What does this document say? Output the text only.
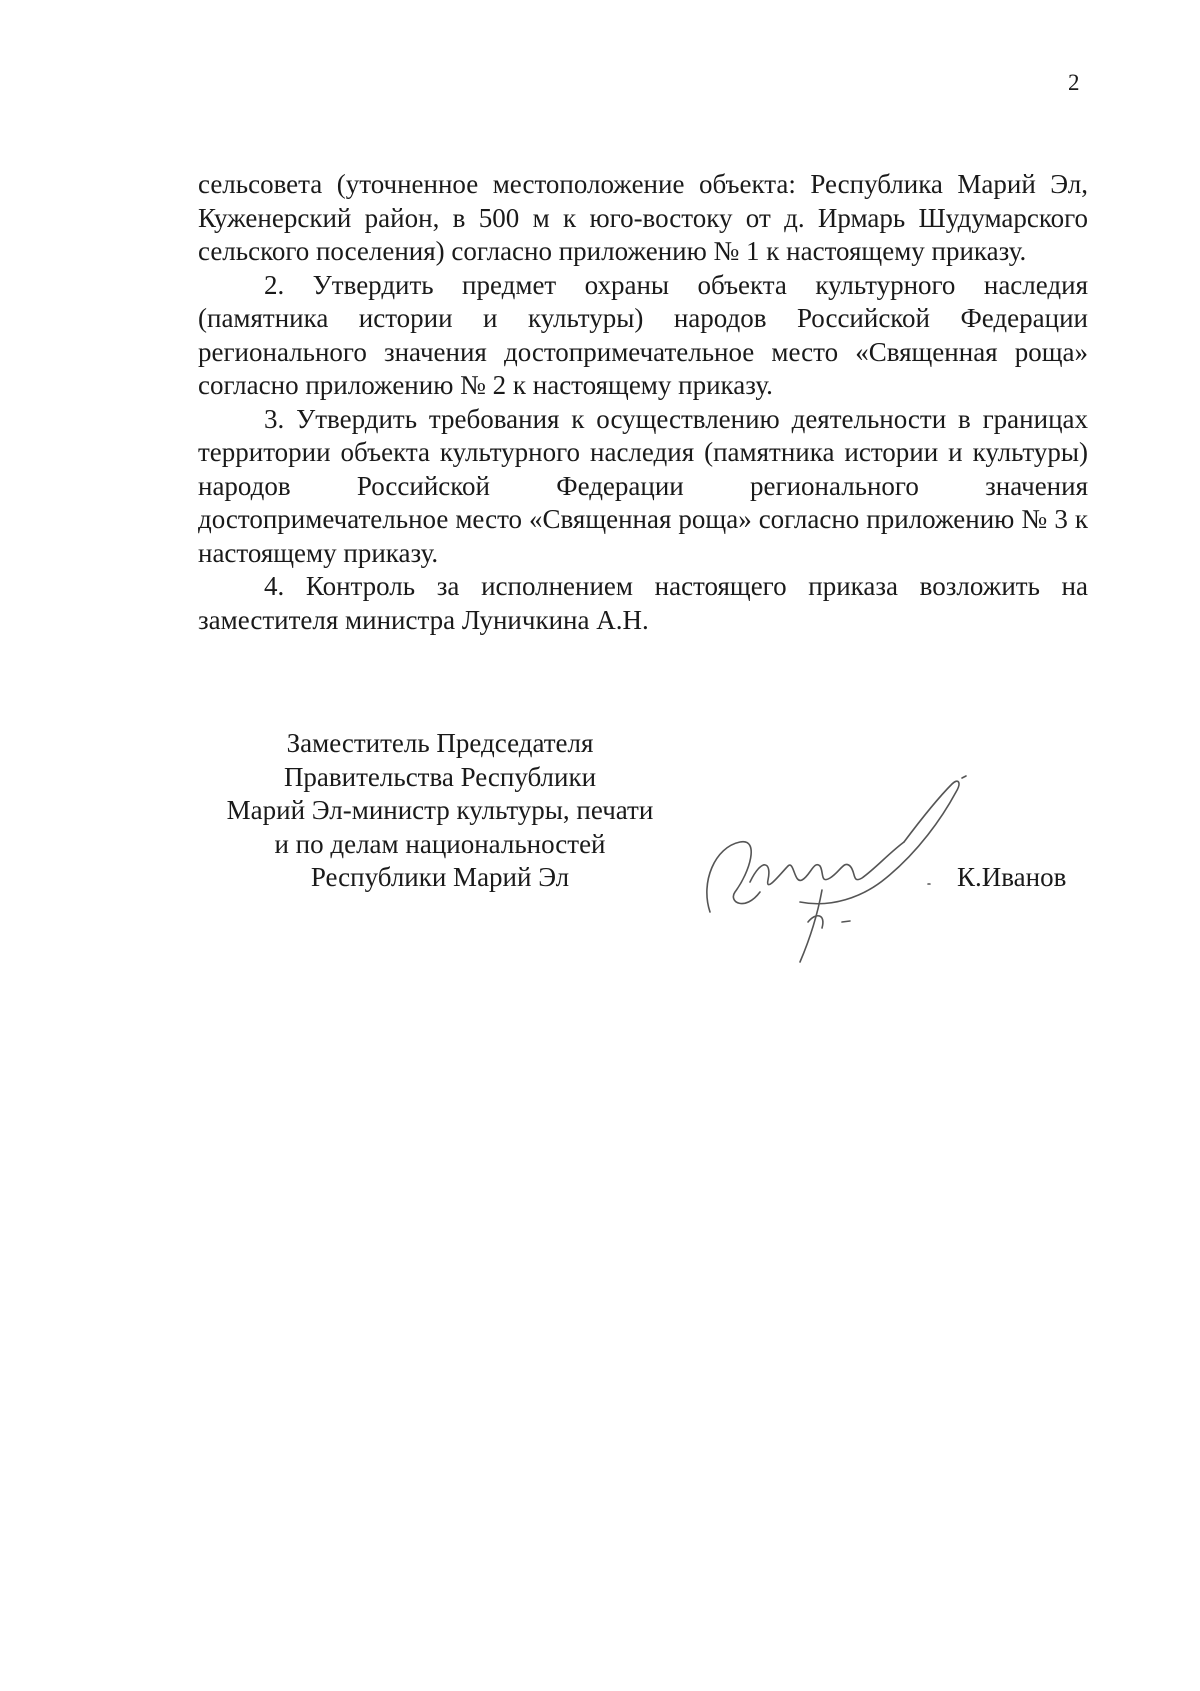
2

сельсовета (уточненное местоположение объекта: Республика Марий Эл, Куженерский район, в 500 м к юго-востоку от д. Ирмарь Шудумарского сельского поселения) согласно приложению № 1 к настоящему приказу.

2. Утвердить предмет охраны объекта культурного наследия (памятника истории и культуры) народов Российской Федерации регионального значения достопримечательное место «Священная роща» согласно приложению № 2 к настоящему приказу.

3. Утвердить требования к осуществлению деятельности в границах территории объекта культурного наследия (памятника истории и культуры) народов Российской Федерации регионального значения достопримечательное место «Священная роща» согласно приложению № 3 к настоящему приказу.

4. Контроль за исполнением настоящего приказа возложить на заместителя министра Луничкина А.Н.

Заместитель Председателя
Правительства Республики
Марий Эл-министр культуры, печати
и по делам национальностей
Республики Марий Эл	К.Иванов
